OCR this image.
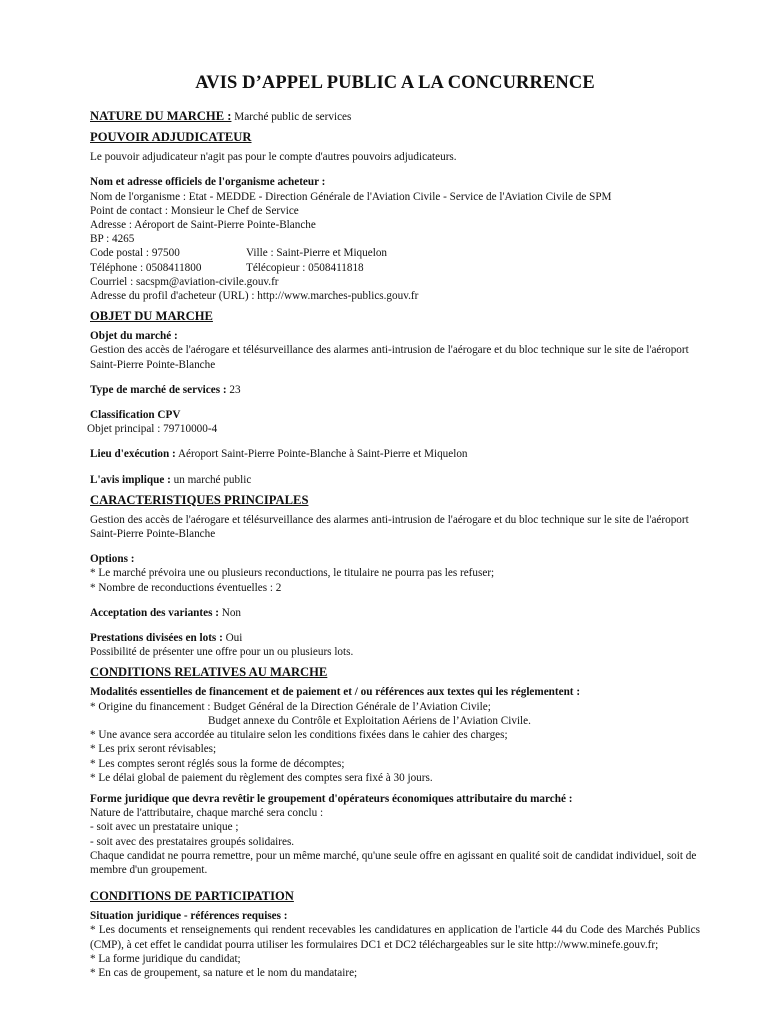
AVIS D’APPEL PUBLIC A LA CONCURRENCE
NATURE DU MARCHE : Marché public de services
POUVOIR ADJUDICATEUR
Le pouvoir adjudicateur n'agit pas pour le compte d'autres pouvoirs adjudicateurs.
Nom et adresse officiels de l'organisme acheteur :
Nom de l'organisme : Etat - MEDDE - Direction Générale de l'Aviation Civile - Service de l'Aviation Civile de SPM
Point de contact : Monsieur le Chef de Service
Adresse : Aéroport de Saint-Pierre Pointe-Blanche
BP : 4265
Code postal : 97500	Ville : Saint-Pierre et Miquelon
Téléphone : 0508411800	Télécopieur : 0508411818
Courriel : sacspm@aviation-civile.gouv.fr
Adresse du profil d'acheteur (URL) : http://www.marches-publics.gouv.fr
OBJET DU MARCHE
Objet du marché :
Gestion des accès de l'aérogare et télésurveillance des alarmes anti-intrusion de l'aérogare et du bloc technique sur le site de l'aéroport Saint-Pierre Pointe-Blanche
Type de marché de services : 23
Classification CPV
Objet principal : 79710000-4
Lieu d'exécution : Aéroport Saint-Pierre Pointe-Blanche à Saint-Pierre et Miquelon
L'avis implique : un marché public
CARACTERISTIQUES PRINCIPALES
Gestion des accès de l'aérogare et télésurveillance des alarmes anti-intrusion de l'aérogare et du bloc technique sur le site de l'aéroport Saint-Pierre Pointe-Blanche
Options :
* Le marché prévoira une ou plusieurs reconductions, le titulaire ne pourra pas les refuser;
* Nombre de reconductions éventuelles : 2
Acceptation des variantes : Non
Prestations divisées en lots : Oui
Possibilité de présenter une offre pour un ou plusieurs lots.
CONDITIONS RELATIVES AU MARCHE
Modalités essentielles de financement et de paiement et / ou références aux textes qui les réglementent :
* Origine du financement : Budget Général de la Direction Générale de l’Aviation Civile;
Budget annexe du Contrôle et Exploitation Aériens de l’Aviation Civile.
* Une avance sera accordée au titulaire selon les conditions fixées dans le cahier des charges;
* Les prix seront révisables;
* Les comptes seront réglés sous la forme de décomptes;
* Le délai global de paiement du règlement des comptes sera fixé à 30 jours.
Forme juridique que devra revêtir le groupement d'opérateurs économiques attributaire du marché :
Nature de l'attributaire, chaque marché sera conclu :
- soit avec un prestataire unique ;
- soit avec des prestataires groupés solidaires.
Chaque candidat ne pourra remettre, pour un même marché, qu'une seule offre en agissant en qualité soit de candidat individuel, soit de membre d'un groupement.
CONDITIONS DE PARTICIPATION
Situation juridique - références requises :
* Les documents et renseignements qui rendent recevables les candidatures en application de l'article 44 du Code des Marchés Publics (CMP), à cet effet le candidat pourra utiliser les formulaires DC1 et DC2 téléchargeables sur le site http://www.minefe.gouv.fr;
* La forme juridique du candidat;
* En cas de groupement, sa nature et le nom du mandataire;
